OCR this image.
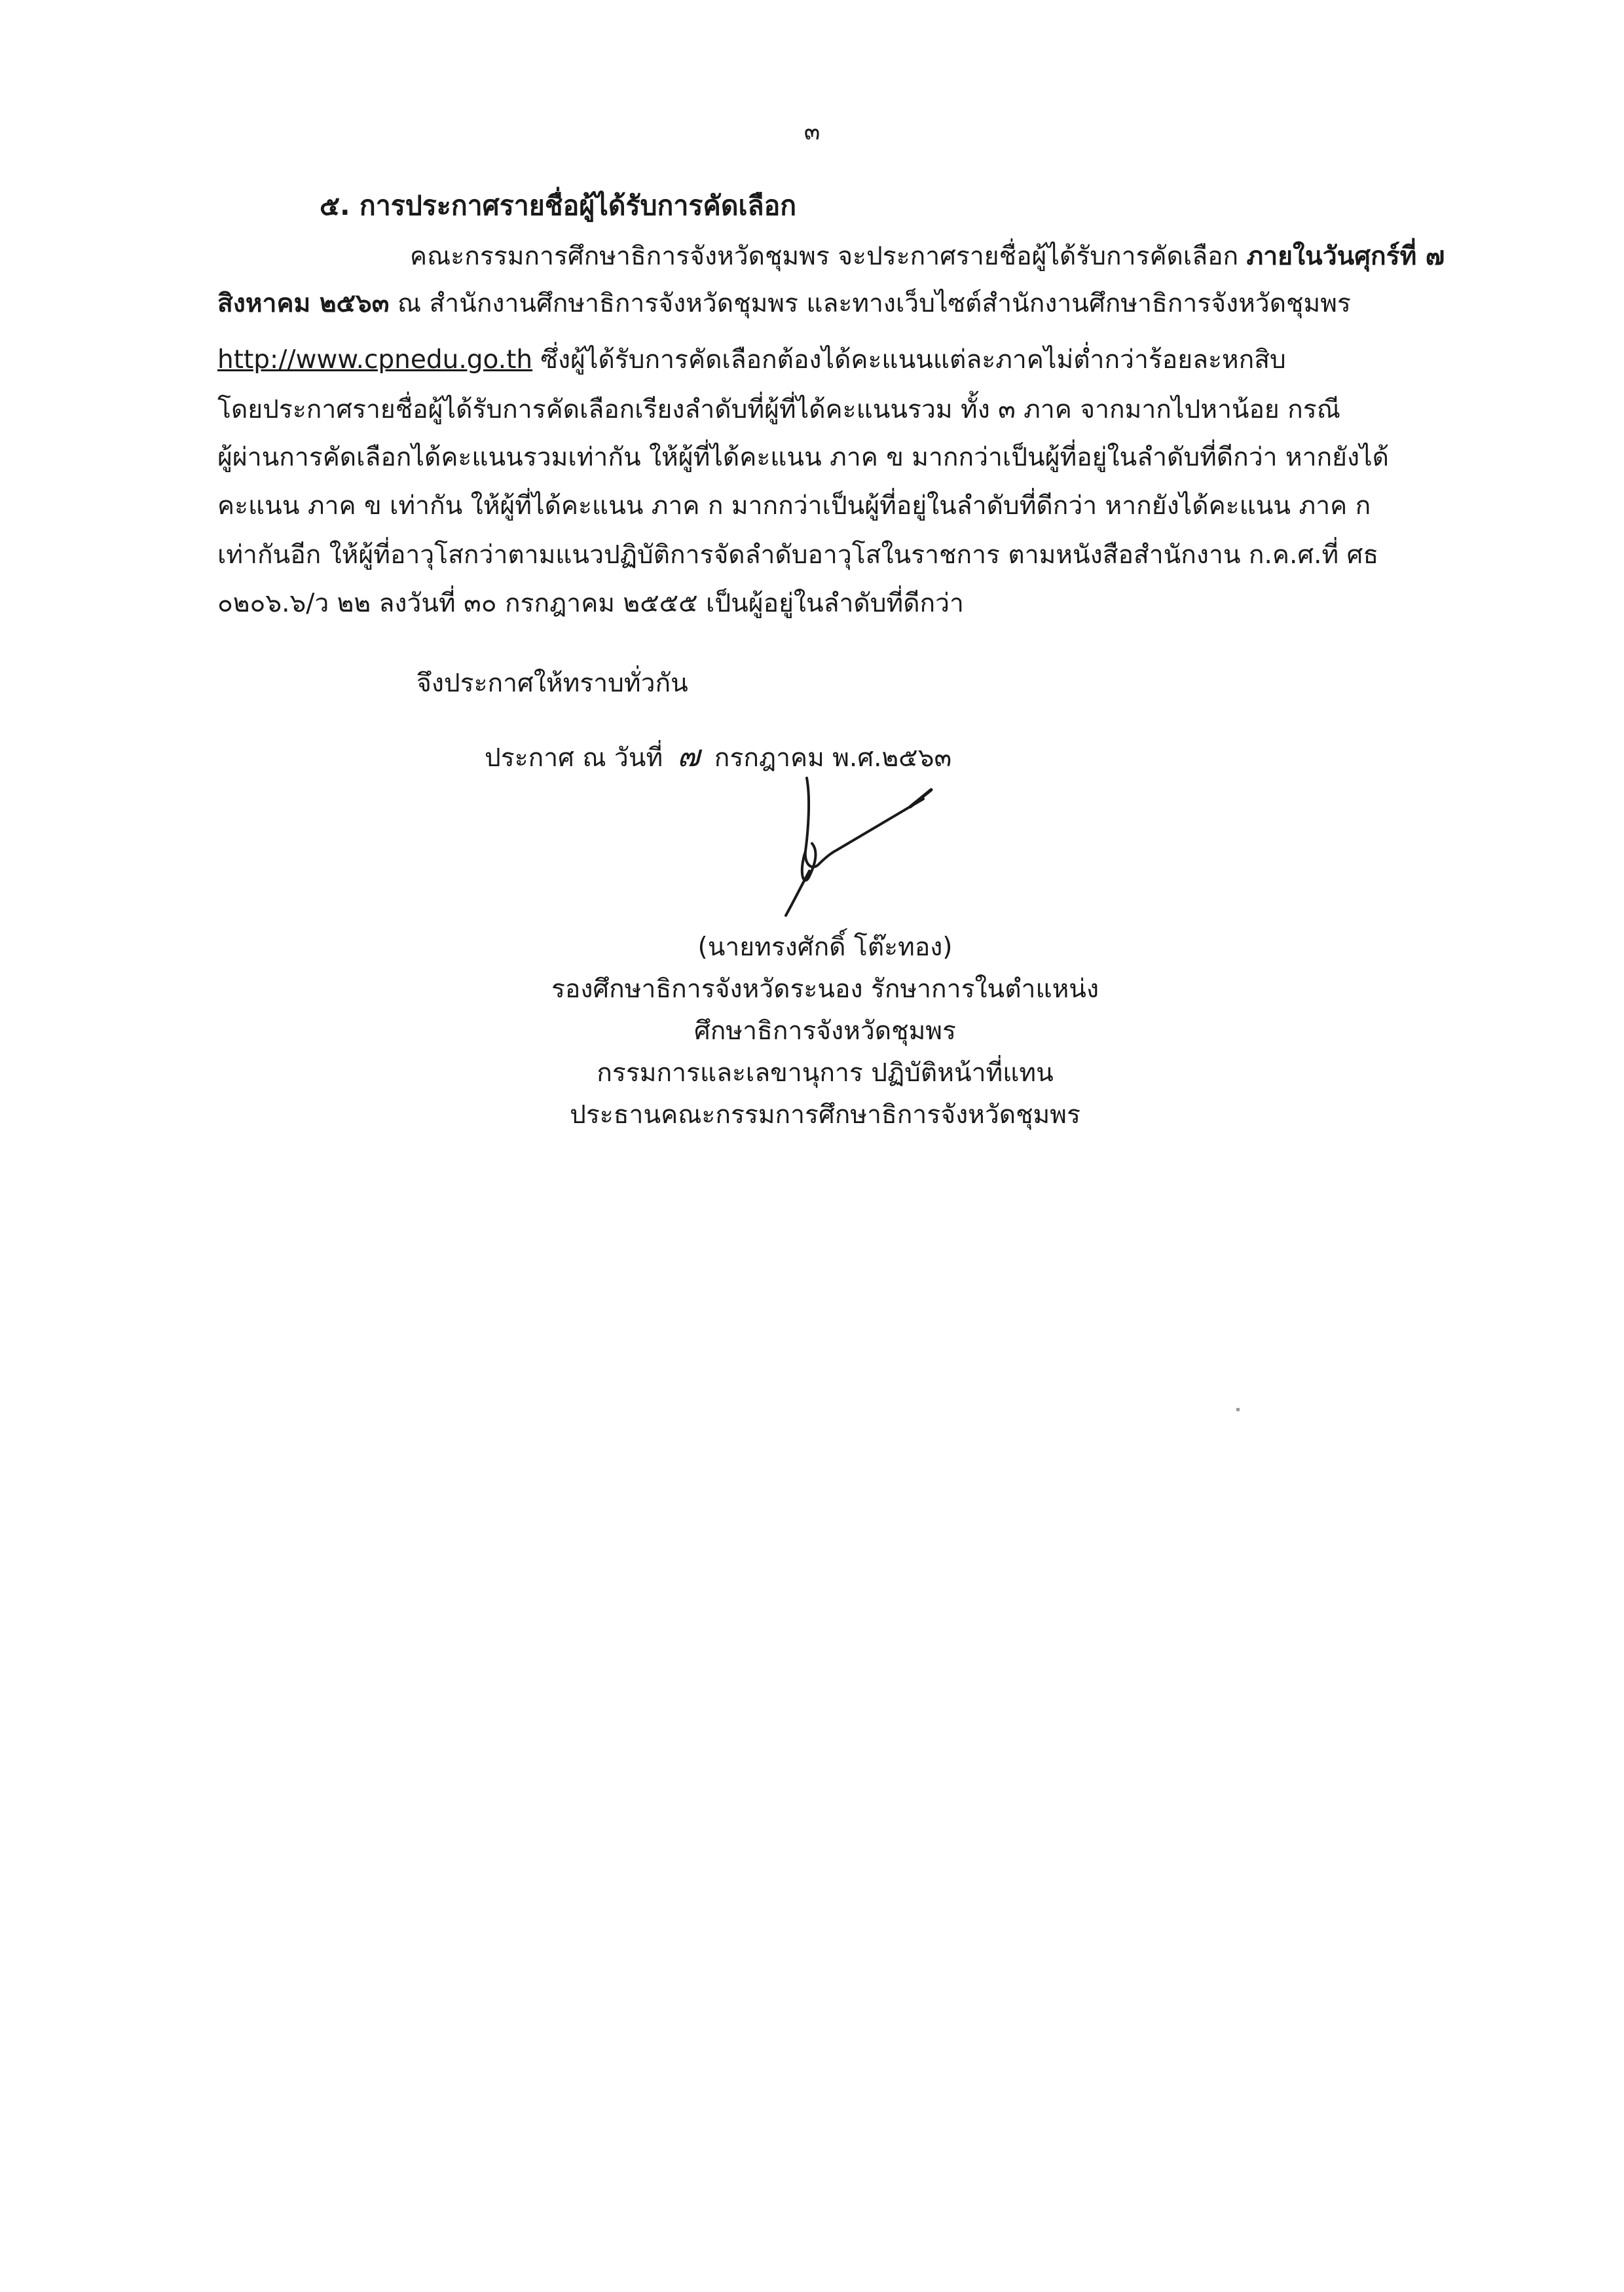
๓
๕. การประกาศรายชื่อผู้ได้รับการคัดเลือก
คณะกรรมการศึกษาธิการจังหวัดชุมพร จะประกาศรายชื่อผู้ได้รับการคัดเลือก ภายในวันศุกร์ที่ ๗
สิงหาคม ๒๕๖๓ ณ สำนักงานศึกษาธิการจังหวัดชุมพร และทางเว็บไซต์สำนักงานศึกษาธิการจังหวัดชุมพร
http://www.cpnedu.go.th ซึ่งผู้ได้รับการคัดเลือกต้องได้คะแนนแต่ละภาคไม่ต่ำกว่าร้อยละหกสิบ
โดยประกาศรายชื่อผู้ได้รับการคัดเลือกเรียงลำดับที่ผู้ที่ได้คะแนนรวม ทั้ง ๓ ภาค จากมากไปหาน้อย กรณี
ผู้ผ่านการคัดเลือกได้คะแนนรวมเท่ากัน ให้ผู้ที่ได้คะแนน ภาค ข มากกว่าเป็นผู้ที่อยู่ในลำดับที่ดีกว่า หากยังได้
คะแนน ภาค ข เท่ากัน ให้ผู้ที่ได้คะแนน ภาค ก มากกว่าเป็นผู้ที่อยู่ในลำดับที่ดีกว่า หากยังได้คะแนน ภาค ก
เท่ากันอีก ให้ผู้ที่อาวุโสกว่าตามแนวปฏิบัติการจัดลำดับอาวุโสในราชการ ตามหนังสือสำนักงาน ก.ค.ศ.ที่ ศธ
๐๒๐๖.๖/ว ๒๒ ลงวันที่ ๓๐ กรกฎาคม ๒๕๕๕ เป็นผู้อยู่ในลำดับที่ดีกว่า
จึงประกาศให้ทราบทั่วกัน
ประกาศ ณ วันที่ ๗ กรกฎาคม พ.ศ.๒๕๖๓
(นายทรงศักดิ์ โต๊ะทอง)
รองศึกษาธิการจังหวัดระนอง รักษาการในตำแหน่ง
ศึกษาธิการจังหวัดชุมพร
กรรมการและเลขานุการ ปฏิบัติหน้าที่แทน
ประธานคณะกรรมการศึกษาธิการจังหวัดชุมพร
